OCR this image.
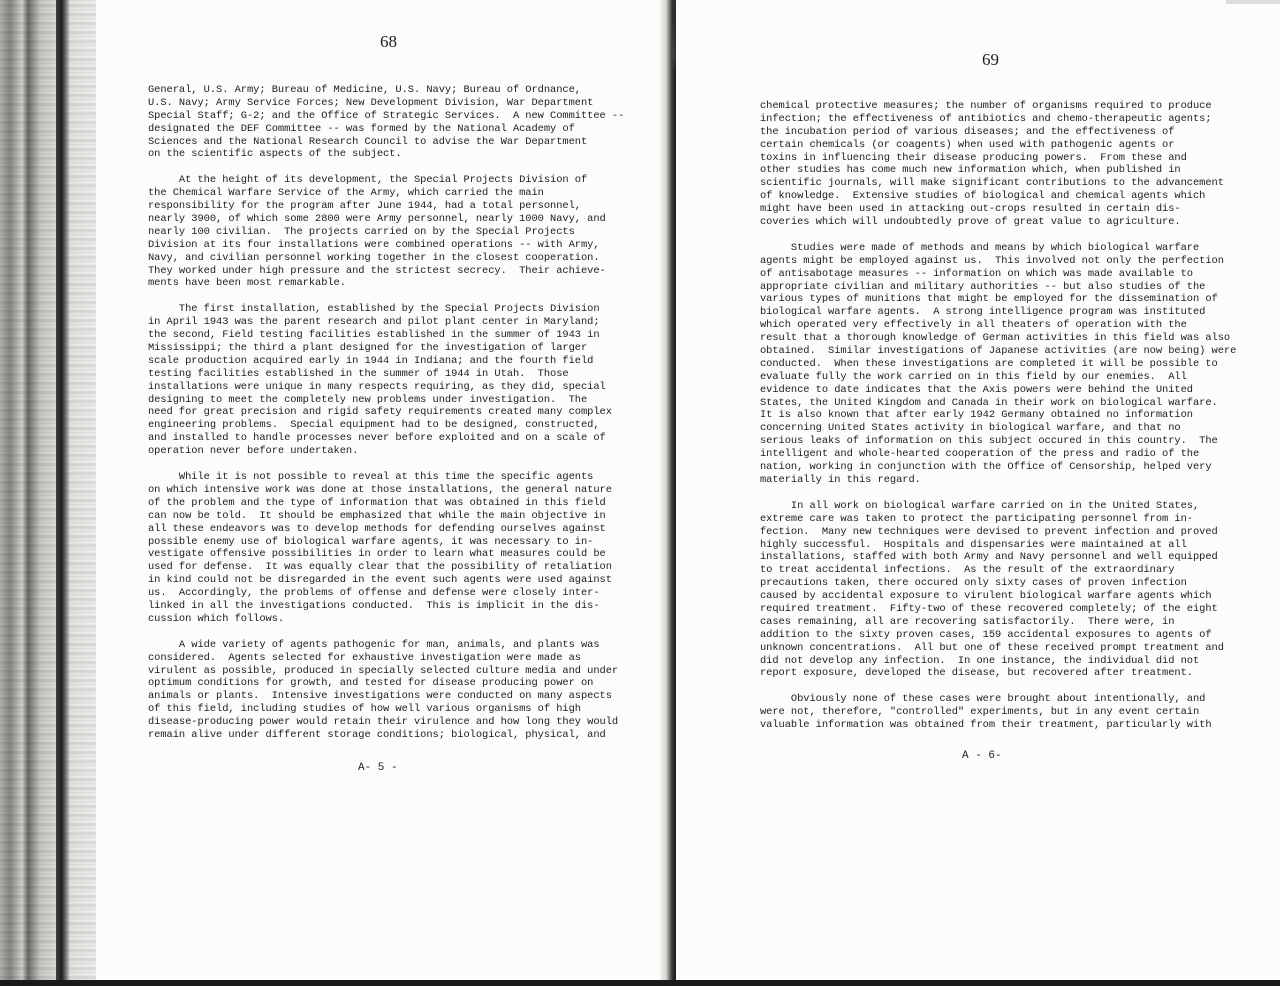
68
General, U.S. Army; Bureau of Medicine, U.S. Navy; Bureau of Ordnance,
U.S. Navy; Army Service Forces; New Development Division, War Department
Special Staff; G-2; and the Office of Strategic Services.  A new Committee --
designated the DEF Committee -- was formed by the National Academy of
Sciences and the National Research Council to advise the War Department
on the scientific aspects of the subject.
At the height of its development, the Special Projects Division of
the Chemical Warfare Service of the Army, which carried the main
responsibility for the program after June 1944, had a total personnel,
nearly 3900, of which some 2800 were Army personnel, nearly 1000 Navy, and
nearly 100 civilian.  The projects carried on by the Special Projects
Division at its four installations were combined operations -- with Army,
Navy, and civilian personnel working together in the closest cooperation.
They worked under high pressure and the strictest secrecy.  Their achieve-
ments have been most remarkable.
The first installation, established by the Special Projects Division
in April 1943 was the parent research and pilot plant center in Maryland;
the second, Field testing facilities established in the summer of 1943 in
Mississippi; the third a plant designed for the investigation of larger
scale production acquired early in 1944 in Indiana; and the fourth field
testing facilities established in the summer of 1944 in Utah.  Those
installations were unique in many respects requiring, as they did, special
designing to meet the completely new problems under investigation.  The
need for great precision and rigid safety requirements created many complex
engineering problems.  Special equipment had to be designed, constructed,
and installed to handle processes never before exploited and on a scale of
operation never before undertaken.
While it is not possible to reveal at this time the specific agents
on which intensive work was done at those installations, the general nature
of the problem and the type of information that was obtained in this field
can now be told.  It should be emphasized that while the main objective in
all these endeavors was to develop methods for defending ourselves against
possible enemy use of biological warfare agents, it was necessary to in-
vestigate offensive possibilities in order to learn what measures could be
used for defense.  It was equally clear that the possibility of retaliation
in kind could not be disregarded in the event such agents were used against
us.  Accordingly, the problems of offense and defense were closely inter-
linked in all the investigations conducted.  This is implicit in the dis-
cussion which follows.
A wide variety of agents pathogenic for man, animals, and plants was
considered.  Agents selected for exhaustive investigation were made as
virulent as possible, produced in specially selected culture media and under
optimum conditions for growth, and tested for disease producing power on
animals or plants.  Intensive investigations were conducted on many aspects
of this field, including studies of how well various organisms of high
disease-producing power would retain their virulence and how long they would
remain alive under different storage conditions; biological, physical, and
A- 5 -
69
chemical protective measures; the number of organisms required to produce
infection; the effectiveness of antibiotics and chemo-therapeutic agents;
the incubation period of various diseases; and the effectiveness of
certain chemicals (or coagents) when used with pathogenic agents or
toxins in influencing their disease producing powers.  From these and
other studies has come much new information which, when published in
scientific journals, will make significant contributions to the advancement
of knowledge.  Extensive studies of biological and chemical agents which
might have been used in attacking out-crops resulted in certain dis-
coveries which will undoubtedly prove of great value to agriculture.
Studies were made of methods and means by which biological warfare
agents might be employed against us.  This involved not only the perfection
of antisabotage measures -- information on which was made available to
appropriate civilian and military authorities -- but also studies of the
various types of munitions that might be employed for the dissemination of
biological warfare agents.  A strong intelligence program was instituted
which operated very effectively in all theaters of operation with the
result that a thorough knowledge of German activities in this field was also
obtained.  Similar investigations of Japanese activities (are now being) were
conducted.  When these investigations are completed it will be possible to
evaluate fully the work carried on in this field by our enemies.  All
evidence to date indicates that the Axis powers were behind the United
States, the United Kingdom and Canada in their work on biological warfare.
It is also known that after early 1942 Germany obtained no information
concerning United States activity in biological warfare, and that no
serious leaks of information on this subject occured in this country.  The
intelligent and whole-hearted cooperation of the press and radio of the
nation, working in conjunction with the Office of Censorship, helped very
materially in this regard.
In all work on biological warfare carried on in the United States,
extreme care was taken to protect the participating personnel from in-
fection.  Many new techniques were devised to prevent infection and proved
highly successful.  Hospitals and dispensaries were maintained at all
installations, staffed with both Army and Navy personnel and well equipped
to treat accidental infections.  As the result of the extraordinary
precautions taken, there occured only sixty cases of proven infection
caused by accidental exposure to virulent biological warfare agents which
required treatment.  Fifty-two of these recovered completely; of the eight
cases remaining, all are recovering satisfactorily.  There were, in
addition to the sixty proven cases, 159 accidental exposures to agents of
unknown concentrations.  All but one of these received prompt treatment and
did not develop any infection.  In one instance, the individual did not
report exposure, developed the disease, but recovered after treatment.
Obviously none of these cases were brought about intentionally, and
were not, therefore, "controlled" experiments, but in any event certain
valuable information was obtained from their treatment, particularly with
A - 6-
